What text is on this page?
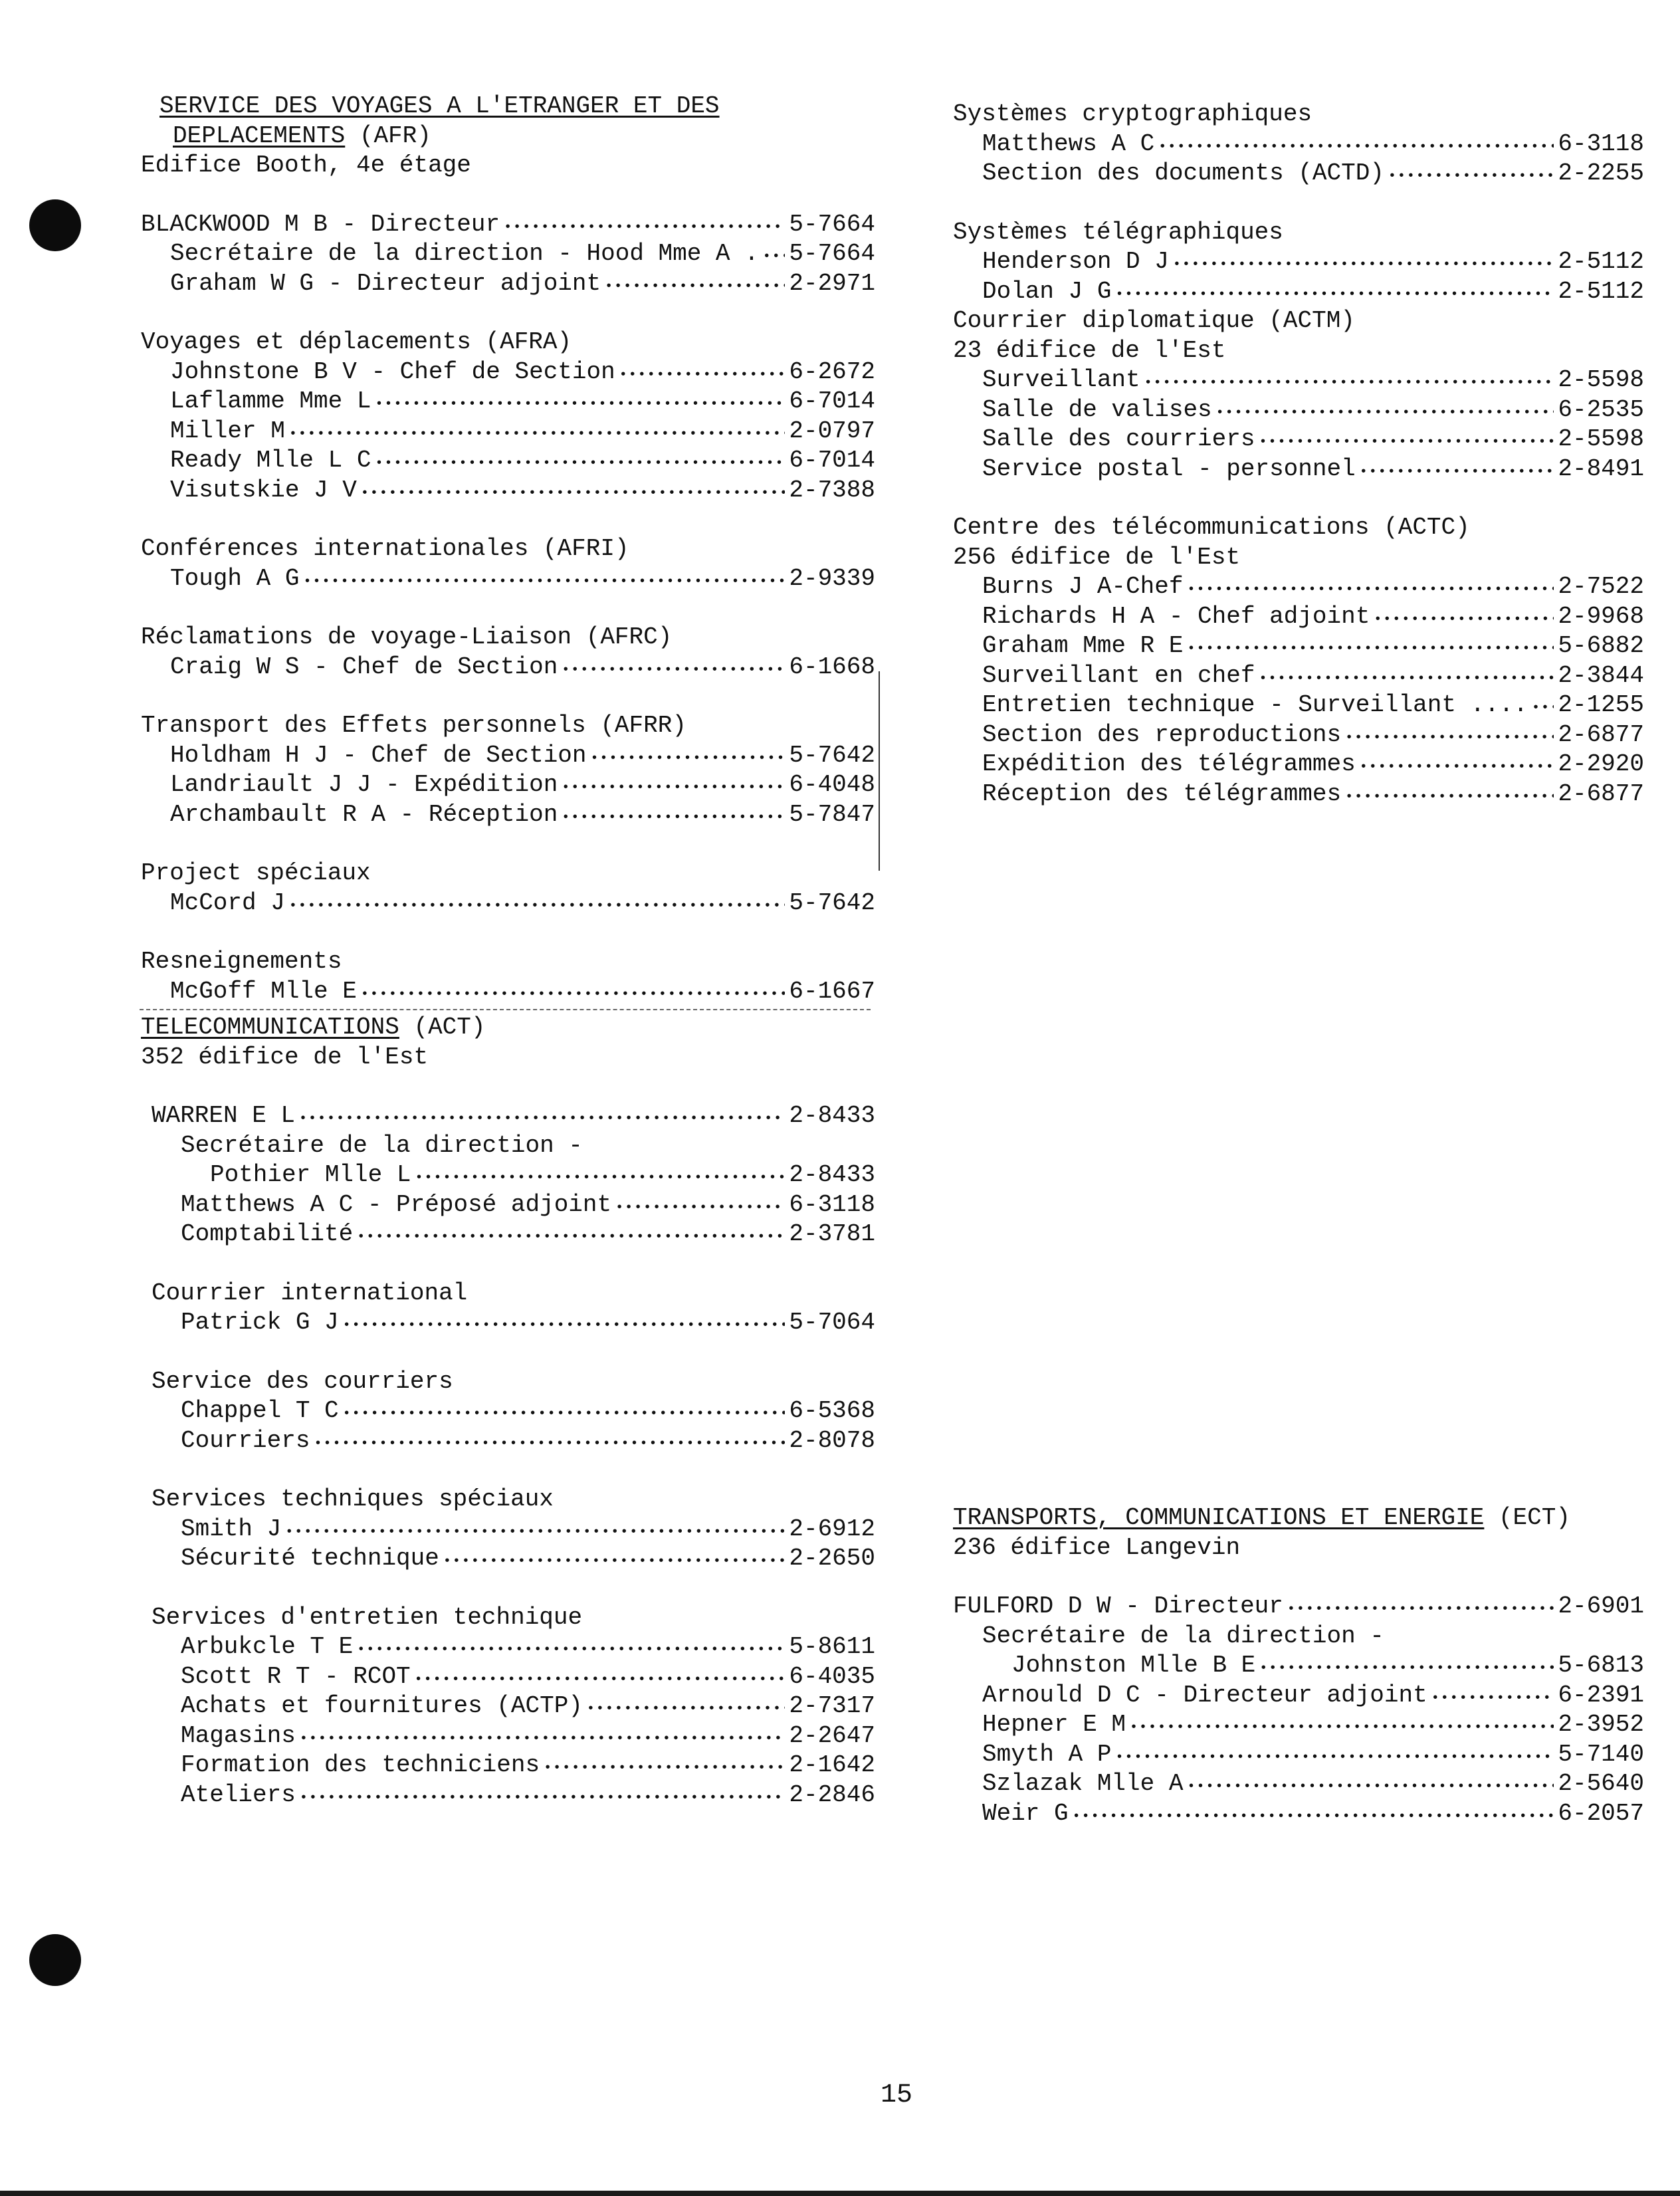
SERVICE DES VOYAGES A L'ETRANGER ET DES
DEPLACEMENTS (AFR)
Edifice Booth, 4e étage
BLACKWOOD M B - Directeur •••••	5-7664
Secrétaire de la direction - Hood Mme A . ••••• 5-7664
Graham W G - Directeur adjoint •••••	2-2971
Voyages et déplacements (AFRA)
Johnstone B V - Chef de Section •••••	6-2672
Laflamme Mme L •••••	6-7014
Miller M •••••	2-0797
Ready Mlle L C •••••	6-7014
Visutskie J V •••••	2-7388
Conférences internationales (AFRI)
Tough A G •••••	2-9339
Réclamations de voyage-Liaison (AFRC)
Craig W S - Chef de Section •••••	6-1668
Transport des Effets personnels (AFRR)
Holdham H J - Chef de Section •••••	5-7642
Landriault J J - Expédition •••••	6-4048
Archambault R A - Réception •••••	5-7847
Project spéciaux
McCord J •••••	5-7642
Resneignements
McGoff Mlle E •••••	6-1667
TELECOMMUNICATIONS (ACT)
352 édifice de l'Est
WARREN E L •••••	2-8433
Secrétaire de la direction -
Pothier Mlle L •••••	2-8433
Matthews A C - Préposé adjoint •••••	6-3118
Comptabilité •••••	2-3781
Courrier international
Patrick G J •••••	5-7064
Service des courriers
Chappel T C •••••	6-5368
Courriers •••••	2-8078
Services techniques spéciaux
Smith J •••••	2-6912
Sécurité technique •••••	2-2650
Services d'entretien technique
Arbukcle T E •••••	5-8611
Scott R T - RCOT •••••	6-4035
Achats et fournitures (ACTP) •••••	2-7317
Magasins •••••	2-2647
Formation des techniciens •••••	2-1642
Ateliers •••••	2-2846
Systèmes cryptographiques
Matthews A C •••••	6-3118
Section des documents (ACTD) •••••	2-2255
Systèmes télégraphiques
Henderson D J •••••	2-5112
Dolan J G •••••	2-5112
Courrier diplomatique (ACTM)
23 édifice de l'Est
Surveillant •••••	2-5598
Salle de valises •••••	6-2535
Salle des courriers •••••	2-5598
Service postal - personnel •••••	2-8491
Centre des télécommunications (ACTC)
256 édifice de l'Est
Burns J A-Chef •••••	2-7522
Richards H A - Chef adjoint •••••	2-9968
Graham Mme R E •••••	5-6882
Surveillant en chef •••••	2-3844
Entretien technique - Surveillant .... ••••• 2-1255
Section des reproductions •••••	2-6877
Expédition des télégrammes •••••	2-2920
Réception des télégrammes •••••	2-6877
TRANSPORTS, COMMUNICATIONS ET ENERGIE (ECT)
236 édifice Langevin
FULFORD D W - Directeur •••••	2-6901
Secrétaire de la direction -
Johnston Mlle B E •••••	5-6813
Arnould D C - Directeur adjoint •••••	6-2391
Hepner E M •••••	2-3952
Smyth A P •••••	5-7140
Szlazak Mlle A •••••	2-5640
Weir G •••••	6-2057
15
